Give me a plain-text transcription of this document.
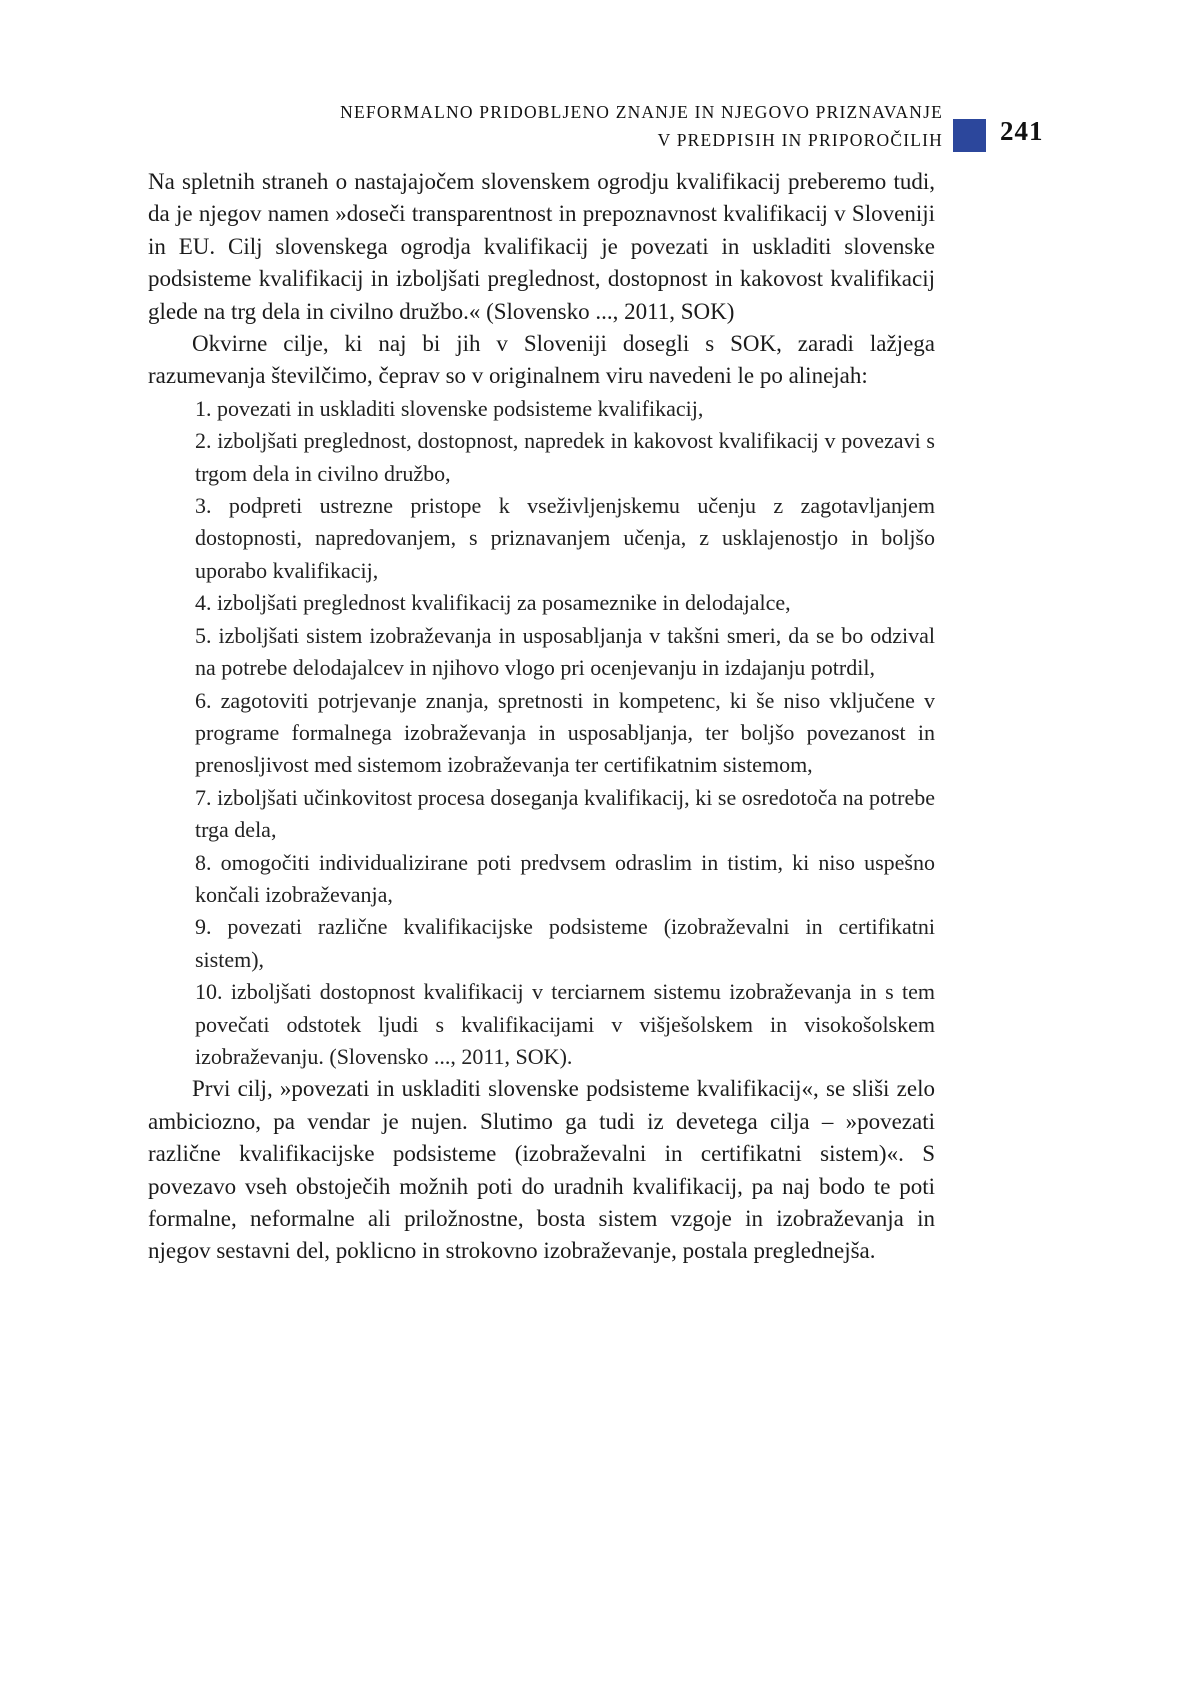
NEFORMALNO PRIDOBLJENO ZNANJE IN NJEGOVO PRIZNAVANJE
V PREDPISIH IN PRIPOROČILIH 241

Na spletnih straneh o nastajajočem slovenskem ogrodju kvalifikacij preberemo tudi, da je njegov namen »doseči transparentnost in prepoznavnost kvalifikacij v Sloveniji in EU. Cilj slovenskega ogrodja kvalifikacij je povezati in uskladiti slovenske podsisteme kvalifikacij in izboljšati preglednost, dostopnost in kakovost kvalifikacij glede na trg dela in civilno družbo.« (Slovensko ..., 2011, SOK)

Okvirne cilje, ki naj bi jih v Sloveniji dosegli s SOK, zaradi lažjega razumevanja številčimo, čeprav so v originalnem viru navedeni le po alinejah:

1. povezati in uskladiti slovenske podsisteme kvalifikacij,
2. izboljšati preglednost, dostopnost, napredek in kakovost kvalifikacij v povezavi s trgom dela in civilno družbo,
3. podpreti ustrezne pristope k vseživljenjskemu učenju z zagotavljanjem dostopnosti, napredovanjem, s priznavanjem učenja, z usklajenostjo in boljšo uporabo kvalifikacij,
4. izboljšati preglednost kvalifikacij za posameznike in delodajalce,
5. izboljšati sistem izobraževanja in usposabljanja v takšni smeri, da se bo odzival na potrebe delodajalcev in njihovo vlogo pri ocenjevanju in izdajanju potrdil,
6. zagotoviti potrjevanje znanja, spretnosti in kompetenc, ki še niso vključene v programe formalnega izobraževanja in usposabljanja, ter boljšo povezanost in prenosljivost med sistemom izobraževanja ter certifikatnim sistemom,
7. izboljšati učinkovitost procesa doseganja kvalifikacij, ki se osredotoča na potrebe trga dela,
8. omogočiti individualizirane poti predvsem odraslim in tistim, ki niso uspešno končali izobraževanja,
9. povezati različne kvalifikacijske podsisteme (izobraževalni in certifikatni sistem),
10. izboljšati dostopnost kvalifikacij v terciarnem sistemu izobraževanja in s tem povečati odstotek ljudi s kvalifikacijami v višješolskem in visokošolskem izobraževanju. (Slovensko ..., 2011, SOK).

Prvi cilj, »povezati in uskladiti slovenske podsisteme kvalifikacij«, se sliši zelo ambiciozno, pa vendar je nujen. Slutimo ga tudi iz devetega cilja – »povezati različne kvalifikacijske podsisteme (izobraževalni in certifikatni sistem)«. S povezavo vseh obstoječih možnih poti do uradnih kvalifikacij, pa naj bodo te poti formalne, neformalne ali priložnostne, bosta sistem vzgoje in izobraževanja in njegov sestavni del, poklicno in strokovno izobraževanje, postala preglednejša.
